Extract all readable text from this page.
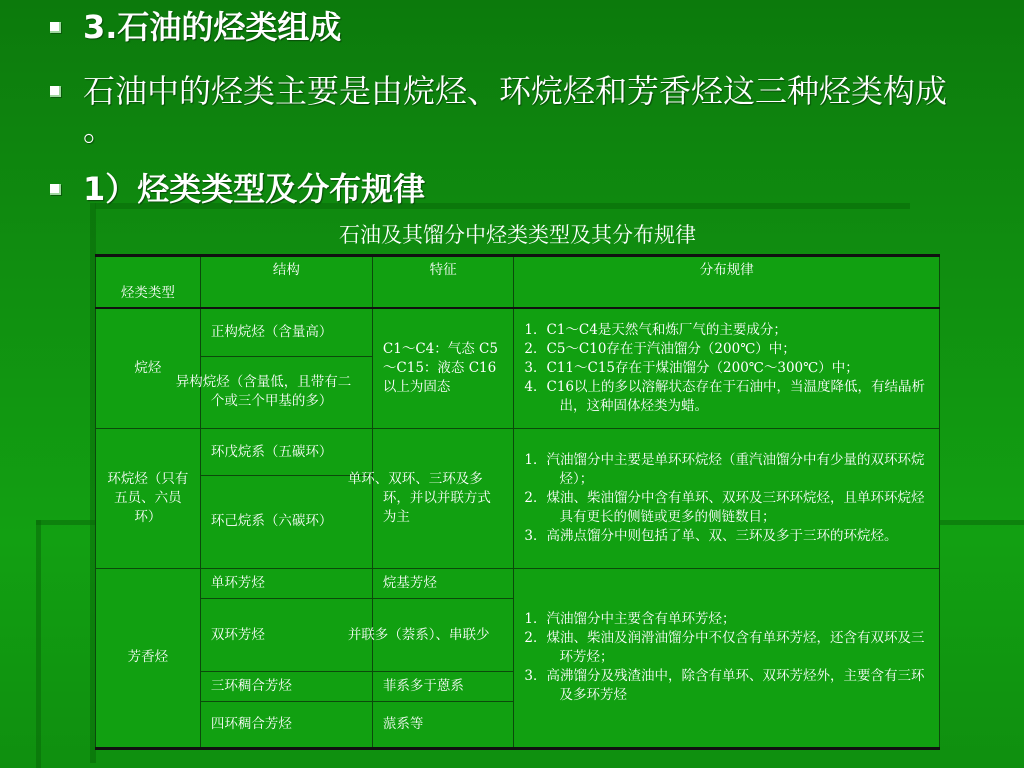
3.石油的烃类组成
石油中的烃类主要是由烷烃、环烷烃和芳香烃这三种烃类构成 。
1）烃类类型及分布规律
石油及其馏分中烃类类型及其分布规律
烃类类型	结构	特征	分布规律
烷烃	正构烷烃（含量高）	C1～C4：气态 C5～C15：液态 C16 以上为固态	1．C1～C4是天然气和炼厂气的主要成分；
2．C5～C10存在于汽油馏分（200℃）中；
3．C11～C15存在于煤油馏分（200℃～300℃）中；
4．C16以上的多以溶解状态存在于石油中，当温度降低，有结晶析出，这种固体烃类为蜡。

	异构烷烃（含量低，且带有二个或三个甲基的多）		
环烷烃（只有五员、六员环）	环戊烷系（五碳环）	单环、双环、三环及多环，并以并联方式为主	1．汽油馏分中主要是单环环烷烃（重汽油馏分中有少量的双环环烷烃）；
2．煤油、柴油馏分中含有单环、双环及三环环烷烃，且单环环烷烃具有更长的侧链或更多的侧链数目；
3．高沸点馏分中则包括了单、双、三环及多于三环的环烷烃。

	环己烷系（六碳环）		
芳香烃	单环芳烃	烷基芳烃	1．汽油馏分中主要含有单环芳烃；
2．煤油、柴油及润滑油馏分中不仅含有单环芳烃，还含有双环及三环芳烃；
3．高沸馏分及残渣油中，除含有单环、双环芳烃外，主要含有三环及多环芳烃

	双环芳烃	并联多（萘系）、串联少	
	三环稠合芳烃	菲系多于蒽系	
	四环稠合芳烃	蒎系等	
